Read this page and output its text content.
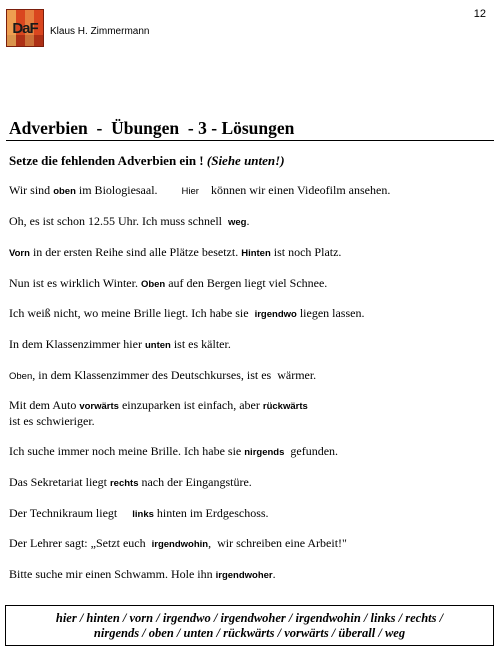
DaF	Klaus H. Zimmermann
12
Adverbien  -  Übungen  - 3 - Lösungen
Setze die fehlenden Adverbien ein ! (Siehe unten!)
Wir sind oben im Biologiesaal.        Hier    können wir einen Videofilm ansehen.
Oh, es ist schon 12.55 Uhr. Ich muss schnell  weg.
Vorn in der ersten Reihe sind alle Plätze besetzt. Hinten ist noch Platz.
Nun ist es wirklich Winter. Oben auf den Bergen liegt viel Schnee.
Ich weiß nicht, wo meine Brille liegt. Ich habe sie  irgendwo liegen lassen.
In dem Klassenzimmer hier unten ist es kälter.
Oben, in dem Klassenzimmer des Deutschkurses, ist es  wärmer.
Mit dem Auto vorwärts einzuparken ist einfach, aber rückwärts
ist es schwieriger.
Ich suche immer noch meine Brille. Ich habe sie nirgends  gefunden.
Das Sekretariat liegt rechts nach der Eingangstüre.
Der Technikraum liegt     links hinten im Erdgeschoss.
Der Lehrer sagt: „Setzt euch  irgendwohin,  wir schreiben eine Arbeit!"
Bitte suche mir einen Schwamm. Hole ihn irgendwoher.
hier / hinten / vorn / irgendwo / irgendwoher / irgendwohin / links / rechts /
nirgends / oben / unten / rückwärts / vorwärts / überall / weg
